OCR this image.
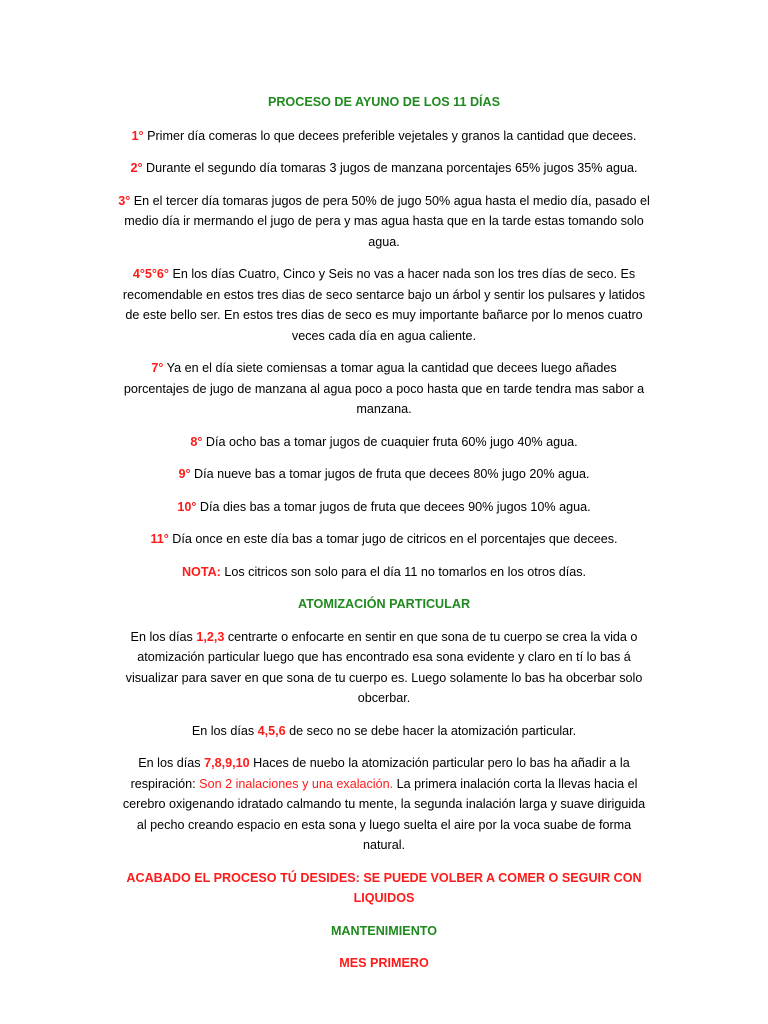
PROCESO DE AYUNO DE LOS 11 DÍAS

1° Primer día comeras lo que decees preferible vejetales y granos la cantidad que decees.

2° Durante el segundo día tomaras 3 jugos de manzana porcentajes 65% jugos 35% agua.

3° En el tercer día tomaras jugos de pera 50% de jugo 50% agua hasta el medio día, pasado el medio día ir mermando el jugo de pera y mas agua hasta que en la tarde estas tomando solo agua.

4°5°6° En los días Cuatro, Cinco y Seis no vas a hacer nada son los tres días de seco. Es recomendable en estos tres dias de seco sentarce bajo un árbol y sentir los pulsares y latidos de este bello ser. En estos tres dias de seco es muy importante bañarce por lo menos cuatro veces cada día en agua caliente.

7° Ya en el día siete comiensas a tomar agua la cantidad que decees luego añades porcentajes de jugo de manzana al agua poco a poco hasta que en tarde tendra mas sabor a manzana.

8° Día ocho bas a tomar jugos de cuaquier fruta 60% jugo 40% agua.

9° Día nueve bas a tomar jugos de fruta que decees 80% jugo 20% agua.

10° Día dies bas a tomar jugos de fruta que decees 90% jugos 10% agua.

11° Día once en este día bas a tomar jugo de citricos en el porcentajes que decees.

NOTA: Los citricos son solo para el día 11 no tomarlos en los otros días.

ATOMIZACIÓN PARTICULAR

En los días 1,2,3 centrarte o enfocarte en sentir en que sona de tu cuerpo se crea la vida o atomización particular luego que has encontrado esa sona evidente y claro en tí lo bas á visualizar para saver en que sona de tu cuerpo es. Luego solamente lo bas ha obcerbar solo obcerbar.

En los días 4,5,6 de seco no se debe hacer la atomización particular.

En los días 7,8,9,10 Haces de nuebo la atomización particular pero lo bas ha añadir a la respiración: Son 2 inalaciones y una exalación. La primera inalación corta la llevas hacia el cerebro oxigenando idratado calmando tu mente, la segunda inalación larga y suave diriguida al pecho creando espacio en esta sona y luego suelta el aire por la voca suabe de forma natural.

ACABADO EL PROCESO TÚ DESIDES: SE PUEDE VOLBER A COMER O SEGUIR CON LIQUIDOS

MANTENIMIENTO

MES PRIMERO
